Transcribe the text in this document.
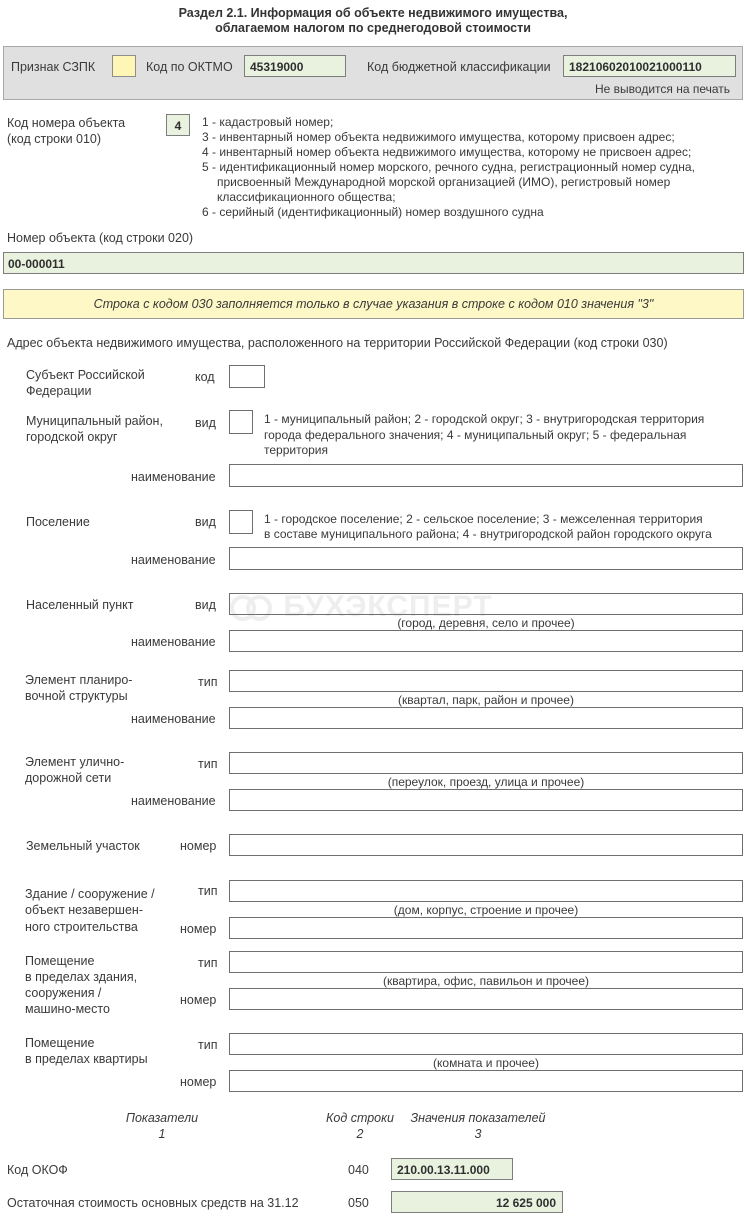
Раздел 2.1. Информация об объекте недвижимого имущества,
облагаемом налогом по среднегодовой стоимости
Признак СЗПК	Код по ОКТМО	45319000	Код бюджетной классификации	18210602010021000110
Не выводится на печать
Код номера объекта
(код строки 010)
4	1 - кадастровый номер;
3 - инвентарный номер объекта недвижимого имущества, которому присвоен адрес;
4 - инвентарный номер объекта недвижимого имущества, которому не присвоен адрес;
5 - идентификационный номер морского, речного судна, регистрационный номер судна,
присвоенный Международной морской организацией (ИМО), регистровый номер
классификационного общества;
6 - серийный (идентификационный) номер воздушного судна
Номер объекта (код строки 020)
00-000011
Строка с кодом 030 заполняется только в случае указания в строке с кодом 010 значения "3"
Адрес объекта недвижимого имущества, расположенного на территории Российской Федерации (код строки 030)
Субъект Российской
Федерации
код
Муниципальный район,
городской округ
вид	1 - муниципальный район; 2 - городской округ; 3 - внутригородская территория
города федерального значения; 4 - муниципальный округ; 5 - федеральная
территория
наименование
Поселение	вид	1 - городское поселение; 2 - сельское поселение; 3 - межселенная территория
в составе муниципального района; 4 - внутригородской район городского округа
наименование
БУХЭКСПЕРТ
Населенный пункт	вид
(город, деревня, село и прочее)
наименование
Элемент планиро-
вочной структуры
тип
(квартал, парк, район и прочее)
наименование
Элемент улично-
дорожной сети
тип
(переулок, проезд, улица и прочее)
наименование
Земельный участок	номер
Здание / сооружение /
объект незавершен-
ного строительства
тип
(дом, корпус, строение и прочее)
номер
Помещение
в пределах здания,
сооружения /
машино-место
тип
(квартира, офис, павильон и прочее)
номер
Помещение
в пределах квартиры
тип
(комната и прочее)
номер
Показатели
1
Код строки
2
Значения показателей
3
Код ОКОФ	040	210.00.13.11.000
Остаточная стоимость основных средств на 31.12	050	12 625 000
